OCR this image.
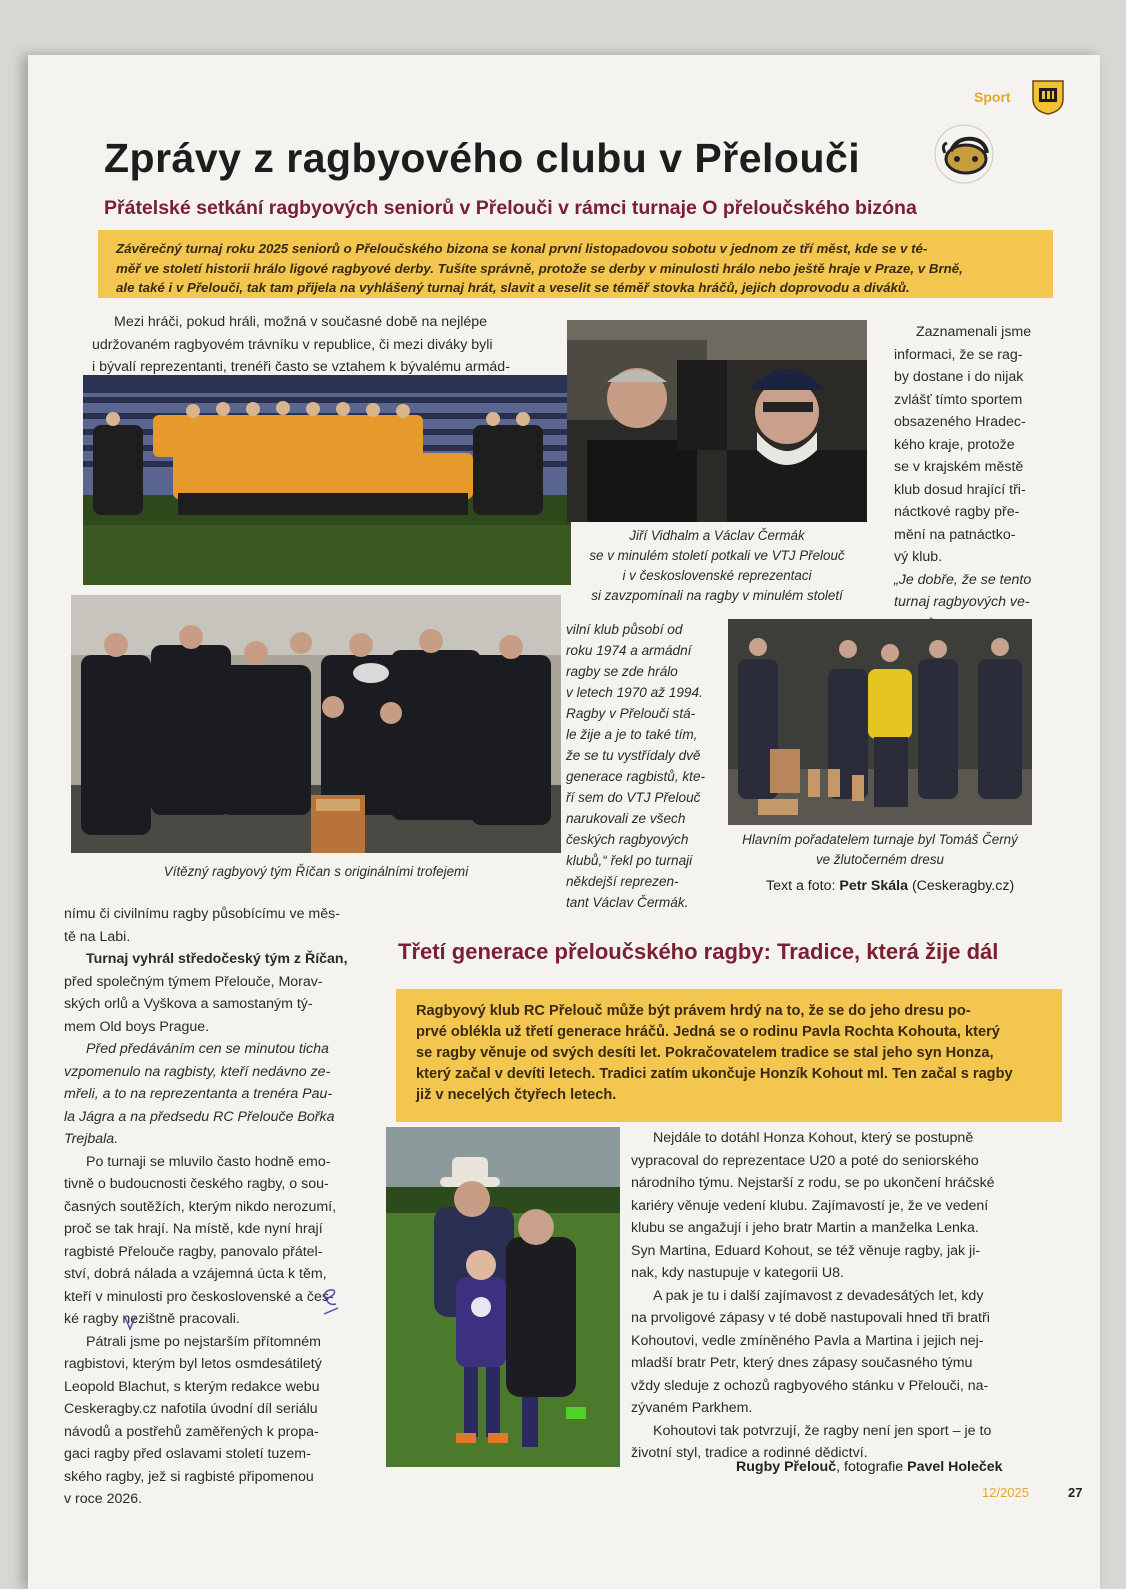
Sport
Zprávy z ragbyového clubu v Přelouči
Přátelské setkání ragbyových seniorů v Přelouči v rámci turnaje O přeloučského bizóna

Závěrečný turnaj roku 2025 seniorů o Přeloučského bizona se konal první listopadovou sobotu v jednom ze tří měst, kde se v té-

měř ve století historii hrálo ligové ragbyové derby. Tušíte správně, protože se derby v minulosti hrálo nebo ještě hraje v Praze, v Brně,

ale také i v Přelouči, tak tam přijela na vyhlášený turnaj hrát, slavit a veselit se téměř stovka hráčů, jejich doprovodu a diváků.

Mezi hráči, pokud hráli, možná v současné době na nejlépe

udržovaném ragbyovém trávníku v republice, či mezi diváky byli

i bývalí reprezentanti, trenéři často se vztahem k bývalému armád-

Zaznamenali jsme

informaci, že se rag-

by dostane i do nijak

zvlášť tímto sportem

obsazeného Hradec-

kého kraje, protože

se v krajském městě

klub dosud hrající tři-

náctkové ragby pře-

mění na patnáctko-

vý klub.

„Je dobře, že se tento

turnaj ragbyových ve-

Jiří Vidhalm a Václav Čermák
se v minulém století potkali ve VTJ Přelouč
i v československé reprezentaci
si zavzpomínali na ragby v minulém století
Vítězný ragbyový tým Říčan s originálními trofejemi

vilní klub působí od

roku 1974 a armádní

ragby se zde hrálo

v letech 1970 až 1994.

Ragby v Přelouči stá-

le žije a je to také tím,

že se tu vystřídaly dvě

generace ragbistů, kte-

ří sem do VTJ Přelouč

narukovali ze všech

českých ragbyových

klubů,“ řekl po turnaji

někdejší reprezen-

tant Václav Čermák.

Hlavním pořadatelem turnaje byl Tomáš Černý
ve žlutočerném dresu
Text a foto: Petr Skála (Ceskeragby.cz)

nímu či civilnímu ragby působícímu ve měs-

tě na Labi.

Turnaj vyhrál středočeský tým z Říčan,

před společným týmem Přelouče, Morav-

ských orlů a Vyškova a samostaným tý-

mem Old boys Prague.

Před předáváním cen se minutou ticha

vzpomenulo na ragbisty, kteří nedávno ze-

mřeli, a to na reprezentanta a trenéra Pau-

la Jágra a na předsedu RC Přelouče Bořka

Trejbala.

Po turnaji se mluvilo často hodně emo-

tivně o budoucnosti českého ragby, o sou-

časných soutěžích, kterým nikdo nerozumí,

proč se tak hrají. Na místě, kde nyní hrají

ragbisté Přelouče ragby, panovalo přátel-

ství, dobrá nálada a vzájemná úcta k těm,

kteří v minulosti pro československé a čes-

ké ragby nezištně pracovali.

Pátrali jsme po nejstarším přítomném

ragbistovi, kterým byl letos osmdesátiletý

Leopold Blachut, s kterým redakce webu

Ceskeragby.cz nafotila úvodní díl seriálu

návodů a postřehů zaměřených k propa-

gaci ragby před oslavami století tuzem-

ského ragby, jež si ragbisté připomenou

v roce 2026.

Třetí generace přeloučského ragby: Tradice, která žije dál

Ragbyový klub RC Přelouč může být právem hrdý na to, že se do jeho dresu po-

prvé oblékla už třetí generace hráčů. Jedná se o rodinu Pavla Rochta Kohouta, který

se ragby věnuje od svých desíti let. Pokračovatelem tradice se stal jeho syn Honza,

který začal v devíti letech. Tradici zatím ukončuje Honzík Kohout ml. Ten začal s ragby

již v necelých čtyřech letech.

Nejdále to dotáhl Honza Kohout, který se postupně

vypracoval do reprezentace U20 a poté do seniorského

národního týmu. Nejstarší z rodu, se po ukončení hráčské

kariéry věnuje vedení klubu. Zajímavostí je, že ve vedení

klubu se angažují i jeho bratr Martin a manželka Lenka.

Syn Martina, Eduard Kohout, se též věnuje ragby, jak ji-

nak, kdy nastupuje v kategorii U8.

A pak je tu i další zajímavost z devadesátých let, kdy

na prvoligové zápasy v té době nastupovali hned tři bratři

Kohoutovi, vedle zmíněného Pavla a Martina i jejich nej-

mladší bratr Petr, který dnes zápasy současného týmu

vždy sleduje z ochozů ragbyového stánku v Přelouči, na-

zývaném Parkhem.

Kohoutovi tak potvrzují, že ragby není jen sport – je to

životní styl, tradice a rodinné dědictví.

Rugby Přelouč, fotografie Pavel Holeček
12/2025	27
